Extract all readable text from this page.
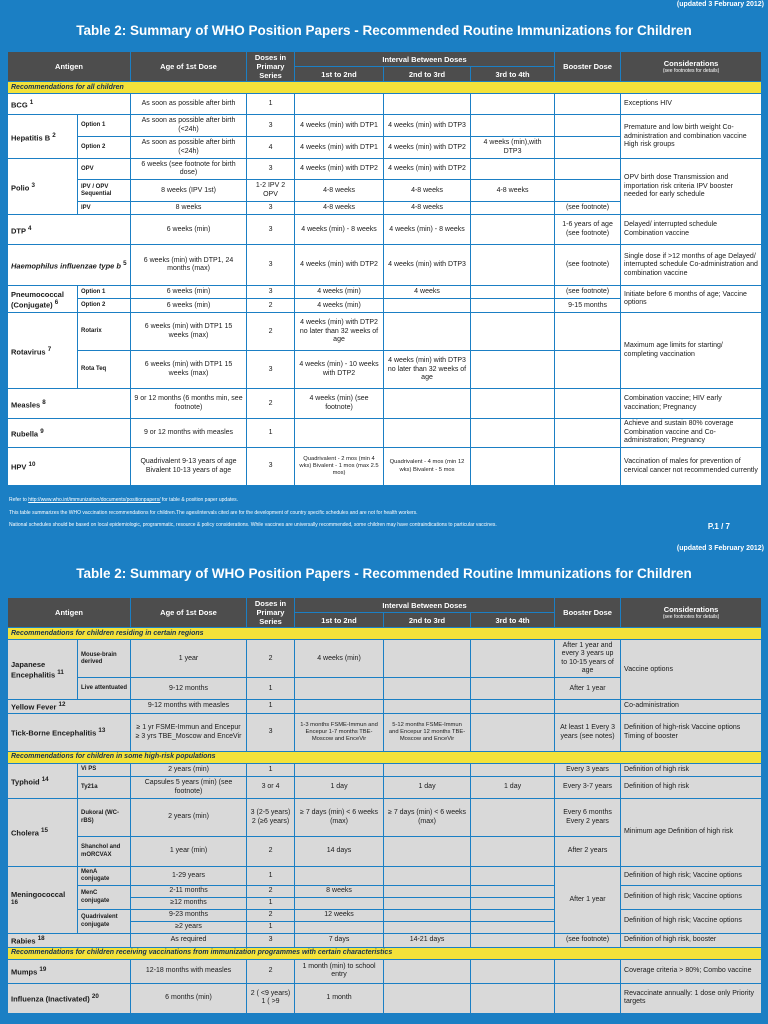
(updated 3 February 2012)
Table 2: Summary of WHO Position Papers - Recommended Routine Immunizations for Children
Antigen		Age of 1st Dose	Doses in Primary Series	Interval Between Doses			Booster Dose	Considerations
(see footnotes for details)

				1st to 2nd	2nd to 3rd	3rd to 4th		
Recommendations for all children								
BCG $^1$		As soon as possible after birth	1					Exceptions HIV
Hepatitis B $^2$	Option 1	As soon as possible after birth (<24h)	3	4 weeks (min) with DTP1	4 weeks (min) with DTP3			Premature and low birth weight Co-administration and combination vaccine High risk groups
	Option 2	As soon as possible after birth (<24h)	4	4 weeks (min) with DTP1	4 weeks (min) with DTP2	4 weeks (min),with DTP3		
Polio $^3$	OPV	6 weeks (see footnote for birth dose)	3	4 weeks (min) with DTP2	4 weeks (min) with DTP2			OPV birth dose Transmission and importation risk criteria IPV booster needed for early schedule
	IPV / OPV Sequential	8 weeks (IPV 1st)	1-2 IPV 2 OPV	4-8 weeks	4-8 weeks	4-8 weeks		
	IPV	8 weeks	3	4-8 weeks	4-8 weeks		(see footnote)	
DTP $^4$		6 weeks (min)	3	4 weeks (min) - 8 weeks	4 weeks (min) - 8 weeks		1-6 years of age (see footnote)	Delayed/ interrupted schedule Combination vaccine
Haemophilus influenzae type b $^5$		6 weeks (min) with DTP1, 24 months (max)	3	4 weeks (min) with DTP2	4 weeks (min) with DTP3		(see footnote)	Single dose if >12 months of age Delayed/ interrupted schedule Co-administration and combination vaccine
Pneumococcal (Conjugate) $^6$	Option 1	6 weeks (min)	3	4 weeks (min)	4 weeks		(see footnote)	Initiate before 6 months of age; Vaccine options
	Option 2	6 weeks (min)	2	4 weeks (min)			9-15 months	
Rotavirus $^7$	Rotarix	6 weeks (min) with DTP1 15 weeks (max)	2	4 weeks (min) with DTP2 no later than 32 weeks of age				Maximum age limits for starting/ completing vaccination
	Rota Teq	6 weeks (min) with DTP1 15 weeks (max)	3	4 weeks (min) - 10 weeks with DTP2	4 weeks (min) with DTP3 no later than 32 weeks of age			
Measles $^8$		9 or 12 months (6 months min, see footnote)	2	4 weeks (min) (see footnote)				Combination vaccine; HIV early vaccination; Pregnancy
Rubella $^9$		9 or 12 months with measles	1					Achieve and sustain 80% coverage Combination vaccine and Co-administration; Pregnancy
HPV $^{10}$		Quadrivalent 9-13 years of age Bivalent 10-13 years of age	3	Quadrivalent - 2 mos (min 4 wks) Bivalent - 1 mos (max 2.5 mos)	Quadrivalent - 4 mos (min 12 wks) Bivalent - 5 mos			Vaccination of males for prevention of cervical cancer not recommended currently
Refer to http://www.who.int/immunization/documents/positionpapers/ for table & position paper updates.
This table summarizes the WHO vaccination recommendations for children.The ages/intervals cited are for the development of country specific schedules and are not for health workers.
National schedules should be based on local epidemiologic, programmatic, resource & policy considerations. While vaccines are universally recommended, some children may have contraindications to particular vaccines.	P.1 / 7
(updated 3 February 2012)
Table 2: Summary of WHO Position Papers - Recommended Routine Immunizations for Children
Antigen		Age of 1st Dose	Doses in Primary Series	Interval Between Doses			Booster Dose	Considerations
(see footnotes for details)

				1st to 2nd	2nd to 3rd	3rd to 4th		
Recommendations for children residing in certain regions								
Japanese Encephalitis $^{11}$	Mouse-brain derived	1 year	2	4 weeks (min)			After 1 year and every 3 years up to 10-15 years of age	Vaccine options
	Live attentuated	9-12 months	1				After 1 year	
Yellow Fever $^{12}$		9-12 months with measles	1					Co-administration
Tick-Borne Encephalitis $^{13}$		≥ 1 yr FSME-Immun and Encepur ≥ 3 yrs TBE_Moscow and EnceVir	3	1-3 months FSME-Immun and Encepur 1-7 months TBE-Moscow and EnceVir	5-12 months FSME-Immun and Encepur 12 months TBE-Moscow and EnceVir		At least 1 Every 3 years (see notes)	Definition of high-risk Vaccine options Timing of booster
Recommendations for children in some high-risk populations								
Typhoid $^{14}$	Vi PS	2 years (min)	1				Every 3 years	Definition of high risk
	Ty21a	Capsules 5 years (min) (see footnote)	3 or 4	1 day	1 day	1 day	Every 3-7 years	Definition of high risk
Cholera $^{15}$	Dukoral (WC-rBS)	2 years (min)	3 (2-5 years) 2 (≥6 years)	≥ 7 days (min) < 6 weeks (max)	≥ 7 days (min) < 6 weeks (max)		Every 6 months Every 2 years	Minimum age Definition of high risk
	Shanchol and mORCVAX	1 year (min)	2	14 days			After 2 years	
Meningococcal $^{16}$	MenA conjugate	1-29 years	1				After 1 year	Definition of high risk; Vaccine options
	MenC conjugate	2-11 months	2	8 weeks				Definition of high risk; Vaccine options
		≥12 months	1					
	Quadrivalent conjugate	9-23 months	2	12 weeks				Definition of high risk; Vaccine options
		≥2 years	1					
Rabies $^{18}$		As required	3	7 days	14-21 days		(see footnote)	Definition of high risk, booster
Recommendations for children receiving vaccinations from immunization programmes with certain characteristics								
Mumps $^{19}$		12-18 months with measles	2	1 month (min) to school entry				Coverage criteria > 80%; Combo vaccine
Influenza (Inactivated) $^{20}$		6 months (min)	2 ( <9 years) 1 ( >9	1 month				Revaccinate annually: 1 dose only Priority targets
